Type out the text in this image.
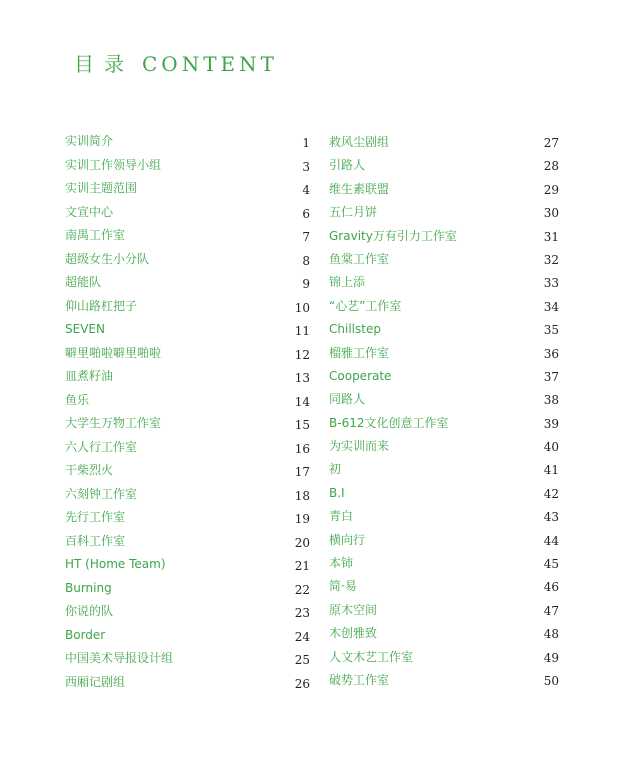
目录 CONTENT
实训简介	1
实训工作领导小组	3
实训主题范围	4
文宣中心	6
南禺工作室	7
超级女生小分队	8
超能队	9
仰山路杠把子	10
SEVEN	11
噼里啪啦噼里啪啦	12
皿煮籽油	13
鱼乐	14
大学生万物工作室	15
六人行工作室	16
干柴烈火	17
六刻钟工作室	18
先行工作室	19
百科工作室	20
HT (Home Team)	21
Burning	22
你说的队	23
Border	24
中国美术导报设计组	25
西厢记剧组	26
救风尘剧组	27
引路人	28
维生素联盟	29
五仁月饼	30
Gravity万有引力工作室	31
鱼棠工作室	32
锦上添	33
“心艺”工作室	34
Chillstep	35
榴雅工作室	36
Cooperate	37
同路人	38
B-612文化创意工作室	39
为实训而来	40
初	41
B.I	42
青白	43
横向行	44
本铈	45
简·易	46
原木空间	47
木创雅致	48
人文木艺工作室	49
破势工作室	50
